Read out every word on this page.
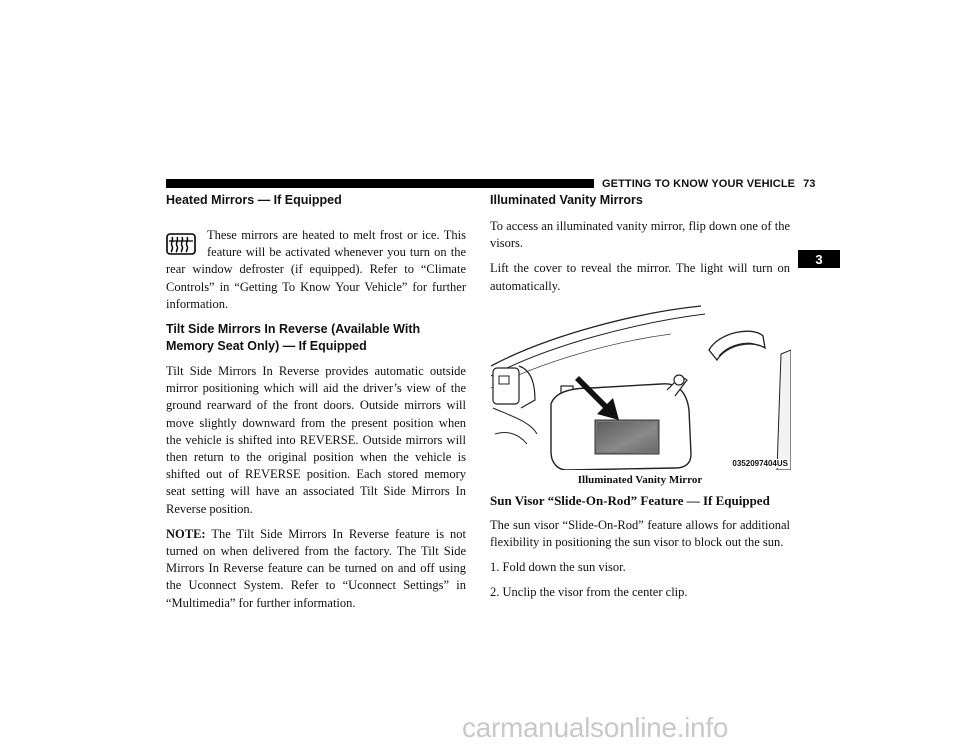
GETTING TO KNOW YOUR VEHICLE 73
3
Heated Mirrors — If Equipped

These mirrors are heated to melt frost or ice. This feature will be activated whenever you turn on the rear window defroster (if equipped). Refer to “Climate Controls” in “Getting To Know Your Vehicle” for further information.

Tilt Side Mirrors In Reverse (Available With
Memory Seat Only) — If Equipped

Tilt Side Mirrors In Reverse provides automatic outside mirror positioning which will aid the driver’s view of the ground rearward of the front doors. Outside mirrors will move slightly downward from the present position when the vehicle is shifted into REVERSE. Outside mirrors will then return to the original position when the vehicle is shifted out of REVERSE position. Each stored memory seat setting will have an associated Tilt Side Mirrors In Reverse position.

NOTE: The Tilt Side Mirrors In Reverse feature is not turned on when delivered from the factory. The Tilt Side Mirrors In Reverse feature can be turned on and off using the Uconnect System. Refer to “Uconnect Settings” in “Multimedia” for further information.

Illuminated Vanity Mirrors

To access an illuminated vanity mirror, flip down one of the visors.

Lift the cover to reveal the mirror. The light will turn on automatically.

0352097404US
Illuminated Vanity Mirror
Sun Visor “Slide-On-Rod” Feature — If Equipped

The sun visor “Slide-On-Rod” feature allows for additional flexibility in positioning the sun visor to block out the sun.

1. Fold down the sun visor.

2. Unclip the visor from the center clip.

carmanualsonline.info
